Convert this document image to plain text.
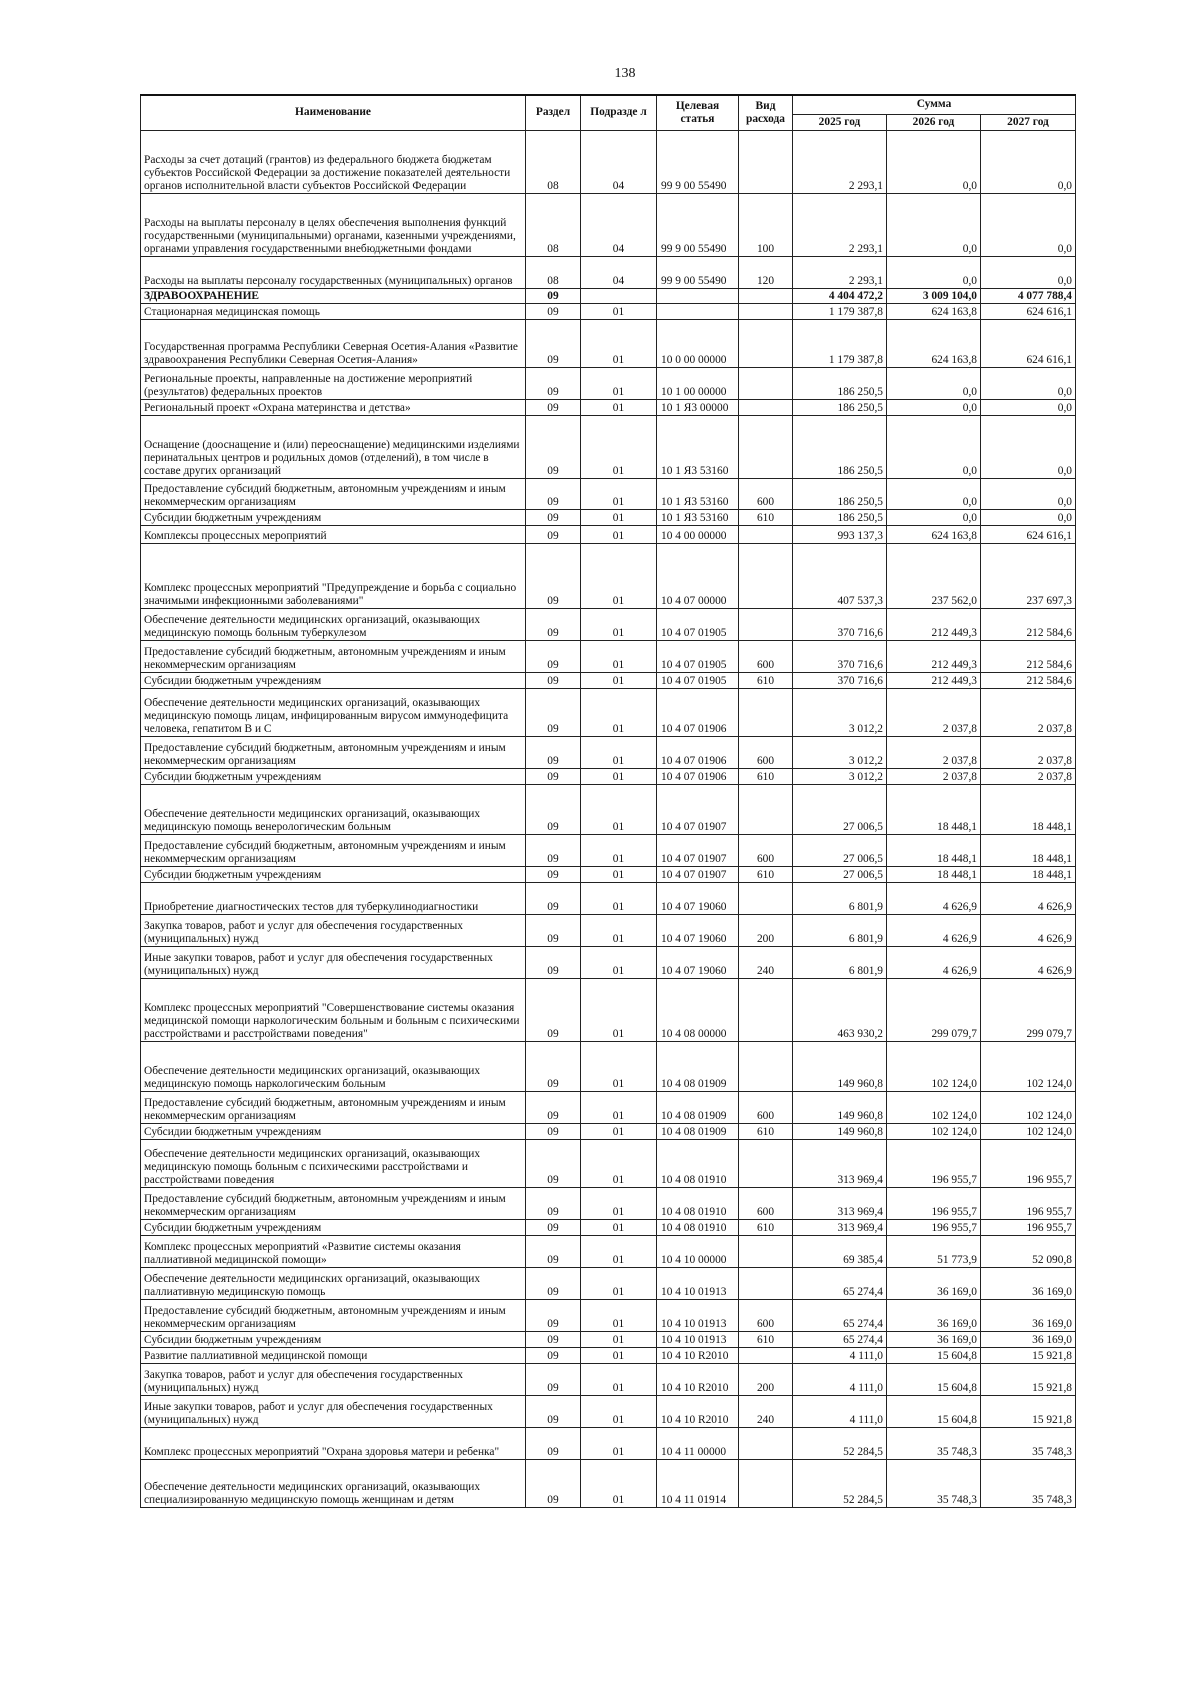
138
Наименование	Раздел	Подразде л	Целевая статья	Вид расхода	Сумма		
					2025 год	2026 год	2027 год
Расходы за счет дотаций (грантов) из федерального бюджета бюджетам субъектов Российской Федерации за достижение показателей деятельности органов исполнительной власти субъектов Российской Федерации	08	04	99 9 00 55490		2 293,1	0,0	0,0
Расходы на выплаты персоналу в целях обеспечения выполнения функций государственными (муниципальными) органами, казенными учреждениями, органами управления государственными внебюджетными фондами	08	04	99 9 00 55490	100	2 293,1	0,0	0,0
Расходы на выплаты персоналу государственных (муниципальных) органов	08	04	99 9 00 55490	120	2 293,1	0,0	0,0
ЗДРАВООХРАНЕНИЕ	09				4 404 472,2	3 009 104,0	4 077 788,4
Стационарная медицинская помощь	09	01			1 179 387,8	624 163,8	624 616,1
Государственная программа Республики Северная Осетия-Алания «Развитие здравоохранения Республики Северная Осетия-Алания»	09	01	10 0 00 00000		1 179 387,8	624 163,8	624 616,1
Региональные проекты, направленные на достижение мероприятий (результатов) федеральных проектов	09	01	10 1 00 00000		186 250,5	0,0	0,0
Региональный проект «Охрана материнства и детства»	09	01	10 1 Я3 00000		186 250,5	0,0	0,0
Оснащение (дооснащение и (или) переоснащение) медицинскими изделиями перинатальных центров и родильных домов (отделений), в том числе в составе других организаций	09	01	10 1 Я3 53160		186 250,5	0,0	0,0
Предоставление субсидий бюджетным, автономным учреждениям и иным некоммерческим организациям	09	01	10 1 Я3 53160	600	186 250,5	0,0	0,0
Субсидии бюджетным учреждениям	09	01	10 1 Я3 53160	610	186 250,5	0,0	0,0
Комплексы процессных мероприятий	09	01	10 4 00 00000		993 137,3	624 163,8	624 616,1
Комплекс процессных мероприятий "Предупреждение и борьба с социально значимыми инфекционными заболеваниями"	09	01	10 4 07 00000		407 537,3	237 562,0	237 697,3
Обеспечение деятельности медицинских организаций, оказывающих медицинскую помощь больным туберкулезом	09	01	10 4 07 01905		370 716,6	212 449,3	212 584,6
Предоставление субсидий бюджетным, автономным учреждениям и иным некоммерческим организациям	09	01	10 4 07 01905	600	370 716,6	212 449,3	212 584,6
Субсидии бюджетным учреждениям	09	01	10 4 07 01905	610	370 716,6	212 449,3	212 584,6
Обеспечение деятельности медицинских организаций, оказывающих медицинскую помощь лицам, инфицированным вирусом иммунодефицита человека, гепатитом В и С	09	01	10 4 07 01906		3 012,2	2 037,8	2 037,8
Предоставление субсидий бюджетным, автономным учреждениям и иным некоммерческим организациям	09	01	10 4 07 01906	600	3 012,2	2 037,8	2 037,8
Субсидии бюджетным учреждениям	09	01	10 4 07 01906	610	3 012,2	2 037,8	2 037,8
Обеспечение деятельности медицинских организаций, оказывающих медицинскую помощь венерологическим больным	09	01	10 4 07 01907		27 006,5	18 448,1	18 448,1
Предоставление субсидий бюджетным, автономным учреждениям и иным некоммерческим организациям	09	01	10 4 07 01907	600	27 006,5	18 448,1	18 448,1
Субсидии бюджетным учреждениям	09	01	10 4 07 01907	610	27 006,5	18 448,1	18 448,1
Приобретение диагностических тестов для туберкулинодиагностики	09	01	10 4 07 19060		6 801,9	4 626,9	4 626,9
Закупка товаров, работ и услуг для обеспечения государственных (муниципальных) нужд	09	01	10 4 07 19060	200	6 801,9	4 626,9	4 626,9
Иные закупки товаров, работ и услуг для обеспечения государственных (муниципальных) нужд	09	01	10 4 07 19060	240	6 801,9	4 626,9	4 626,9
Комплекс процессных мероприятий "Совершенствование системы оказания медицинской помощи наркологическим больным и больным с психическими расстройствами и расстройствами поведения"	09	01	10 4 08 00000		463 930,2	299 079,7	299 079,7
Обеспечение деятельности медицинских организаций, оказывающих медицинскую помощь наркологическим больным	09	01	10 4 08 01909		149 960,8	102 124,0	102 124,0
Предоставление субсидий бюджетным, автономным учреждениям и иным некоммерческим организациям	09	01	10 4 08 01909	600	149 960,8	102 124,0	102 124,0
Субсидии бюджетным учреждениям	09	01	10 4 08 01909	610	149 960,8	102 124,0	102 124,0
Обеспечение деятельности медицинских организаций, оказывающих медицинскую помощь больным с психическими расстройствами и расстройствами поведения	09	01	10 4 08 01910		313 969,4	196 955,7	196 955,7
Предоставление субсидий бюджетным, автономным учреждениям и иным некоммерческим организациям	09	01	10 4 08 01910	600	313 969,4	196 955,7	196 955,7
Субсидии бюджетным учреждениям	09	01	10 4 08 01910	610	313 969,4	196 955,7	196 955,7
Комплекс процессных мероприятий «Развитие системы оказания паллиативной медицинской помощи»	09	01	10 4 10 00000		69 385,4	51 773,9	52 090,8
Обеспечение деятельности медицинских организаций, оказывающих паллиативную медицинскую помощь	09	01	10 4 10 01913		65 274,4	36 169,0	36 169,0
Предоставление субсидий бюджетным, автономным учреждениям и иным некоммерческим организациям	09	01	10 4 10 01913	600	65 274,4	36 169,0	36 169,0
Субсидии бюджетным учреждениям	09	01	10 4 10 01913	610	65 274,4	36 169,0	36 169,0
Развитие паллиативной медицинской помощи	09	01	10 4 10 R2010		4 111,0	15 604,8	15 921,8
Закупка товаров, работ и услуг для обеспечения государственных (муниципальных) нужд	09	01	10 4 10 R2010	200	4 111,0	15 604,8	15 921,8
Иные закупки товаров, работ и услуг для обеспечения государственных (муниципальных) нужд	09	01	10 4 10 R2010	240	4 111,0	15 604,8	15 921,8
Комплекс процессных мероприятий "Охрана здоровья матери и ребенка"	09	01	10 4 11 00000		52 284,5	35 748,3	35 748,3
Обеспечение деятельности медицинских организаций, оказывающих специализированную медицинскую помощь женщинам и детям	09	01	10 4 11 01914		52 284,5	35 748,3	35 748,3
